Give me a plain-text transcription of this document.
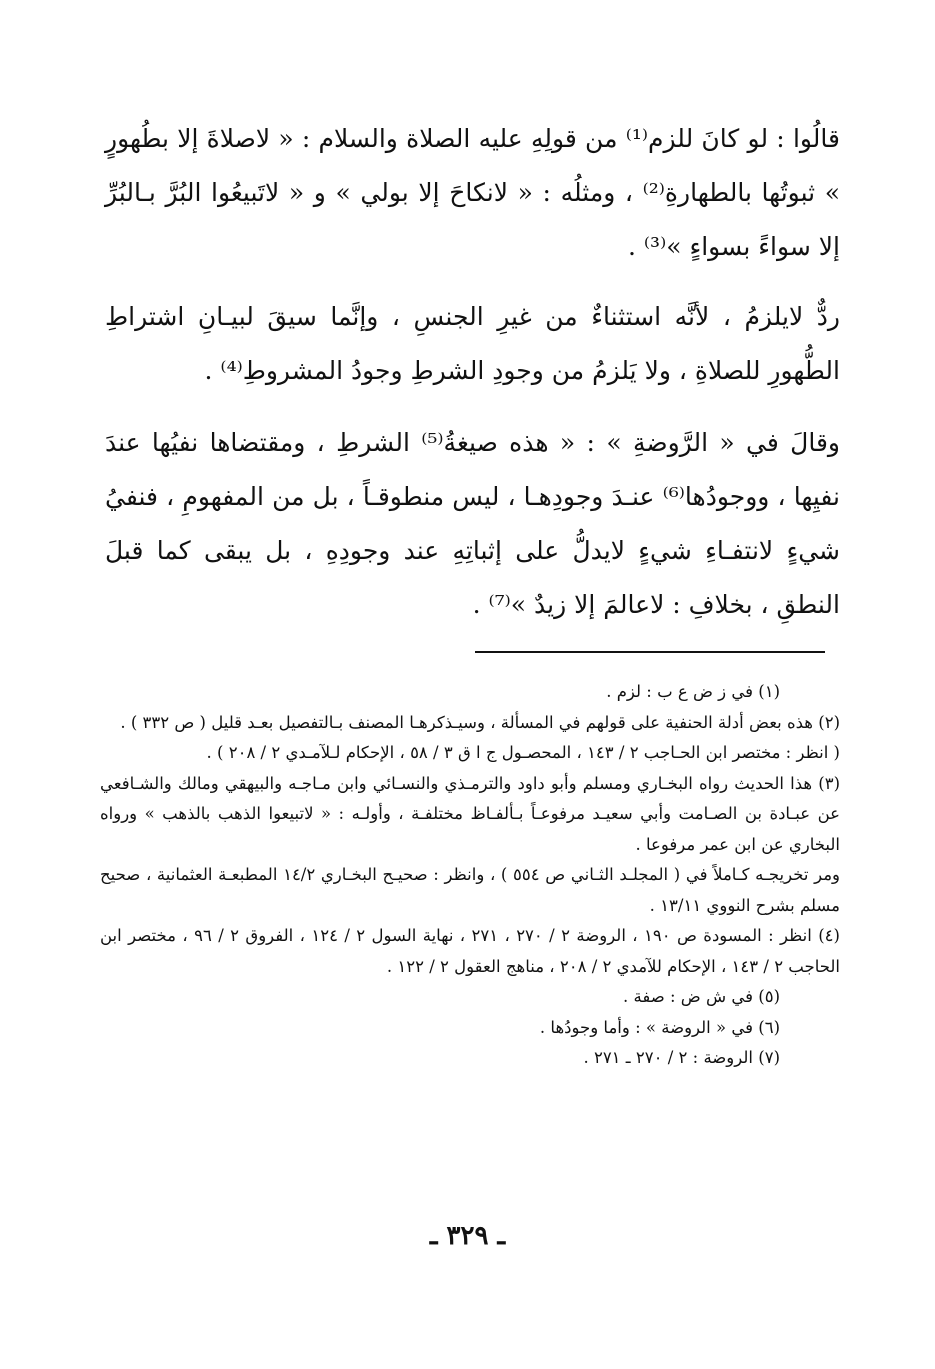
قالُوا : لو كانَ للزم⁽¹⁾ من قولِهِ عليه الصلاة والسلام : « لاصلاةَ إلا بطُهورٍ » ثبوتُها بالطهارةِ⁽²⁾ ، ومثلُه : « لانكاحَ إلا بولي » و « لاتَبيعُوا البُرَّ بـالبُرِّ إلا سواءً بسواءٍ »⁽³⁾ .

ردٌّ لايلزمُ ، لأنَّه استثناءٌ من غيرِ الجنسِ ، وإنَّما سيقَ لبيـانِ اشتراطِ الطُّهورِ للصلاةِ ، ولا يَلزمُ من وجودِ الشرطِ وجودُ المشروطِ⁽⁴⁾ .

وقالَ في « الرَّوضةِ » : « هذه صيغةُ⁽⁵⁾ الشرطِ ، ومقتضاها نفيُها عندَ نفيِها ، ووجودُها⁽⁶⁾ عنـدَ وجودِهـا ، ليس منطوقـاً ، بل من المفهومِ ، فنفيُ شيءٍ لانتفـاءِ شيءٍ لايدلُّ على إثباتِهِ عند وجودِهِ ، بل يبقى كما قبلَ النطقِ ، بخلافِ : لاعالمَ إلا زيدٌ »⁽⁷⁾ .

(١) في ز ض ع ب : لزم .

(٢) هذه بعض أدلة الحنفية على قولهم في المسألة ، وسيـذكرهـا المصنف بـالتفصيل بعـد قليل ( ص ٣٣٢ ) .

( انظر : مختصر ابن الحـاجب ٢ / ١٤٣ ، المحصـول ج ا ق ٣ / ٥٨ ، الإحكام لـلآمـدي ٢ / ٢٠٨ ) .

(٣) هذا الحديث رواه البخـاري ومسلم وأبو داود والترمـذي والنسـائي وابن مـاجـه والبيهقي ومالك والشـافعي عن عبـادة بن الصـامت وأبي سعيـد مرفوعـاً بـألفـاظ مختلفـة ، وأولـه : « لاتبيعوا الذهب بالذهب » ورواه البخاري عن ابن عمر مرفوعا .

ومر تخريجـه كـاملاً في ( المجلـد الثـاني ص ٥٥٤ ) ، وانظر : صحيـح البخـاري ١٤/٢ المطبعـة العثمانية ، صحيح مسلم بشرح النووي ١٣/١١ .

(٤) انظر : المسودة ص ١٩٠ ، الروضة ٢ / ٢٧٠ ، ٢٧١ ، نهاية السول ٢ / ١٢٤ ، الفروق ٢ / ٩٦ ، مختصر ابن الحاجب ٢ / ١٤٣ ، الإحكام للآمدي ٢ / ٢٠٨ ، مناهج العقول ٢ / ١٢٢ .

(٥) في ش ض : صفة .

(٦) في « الروضة » : وأما وجودُها .

(٧) الروضة : ٢ / ٢٧٠ ـ ٢٧١ .

ـ ٣٢٩ ـ
